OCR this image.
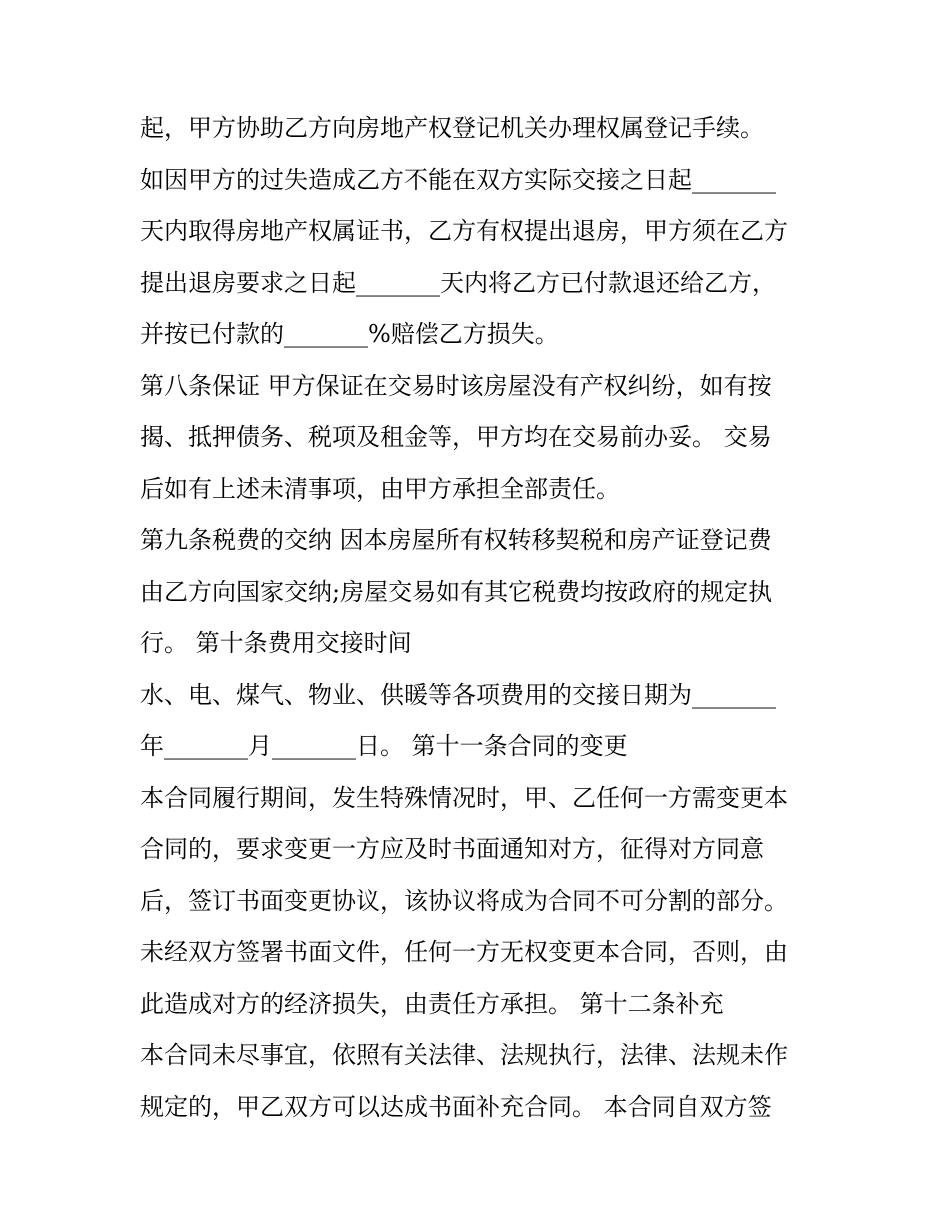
起，甲方协助乙方向房地产权登记机关办理权属登记手续。
如因甲方的过失造成乙方不能在双方实际交接之日起_______
天内取得房地产权属证书，乙方有权提出退房，甲方须在乙方
提出退房要求之日起_______天内将乙方已付款退还给乙方，
并按已付款的_______%赔偿乙方损失。
第八条保证 甲方保证在交易时该房屋没有产权纠纷，如有按
揭、抵押债务、税项及租金等，甲方均在交易前办妥。 交易
后如有上述未清事项，由甲方承担全部责任。
第九条税费的交纳 因本房屋所有权转移契税和房产证登记费
由乙方向国家交纳;房屋交易如有其它税费均按政府的规定执
行。 第十条费用交接时间
水、电、煤气、物业、供暖等各项费用的交接日期为_______
年_______月_______日。 第十一条合同的变更
本合同履行期间，发生特殊情况时，甲、乙任何一方需变更本
合同的，要求变更一方应及时书面通知对方，征得对方同意
后，签订书面变更协议，该协议将成为合同不可分割的部分。
未经双方签署书面文件，任何一方无权变更本合同，否则，由
此造成对方的经济损失，由责任方承担。 第十二条补充
本合同未尽事宜，依照有关法律、法规执行，法律、法规未作
规定的，甲乙双方可以达成书面补充合同。 本合同自双方签
